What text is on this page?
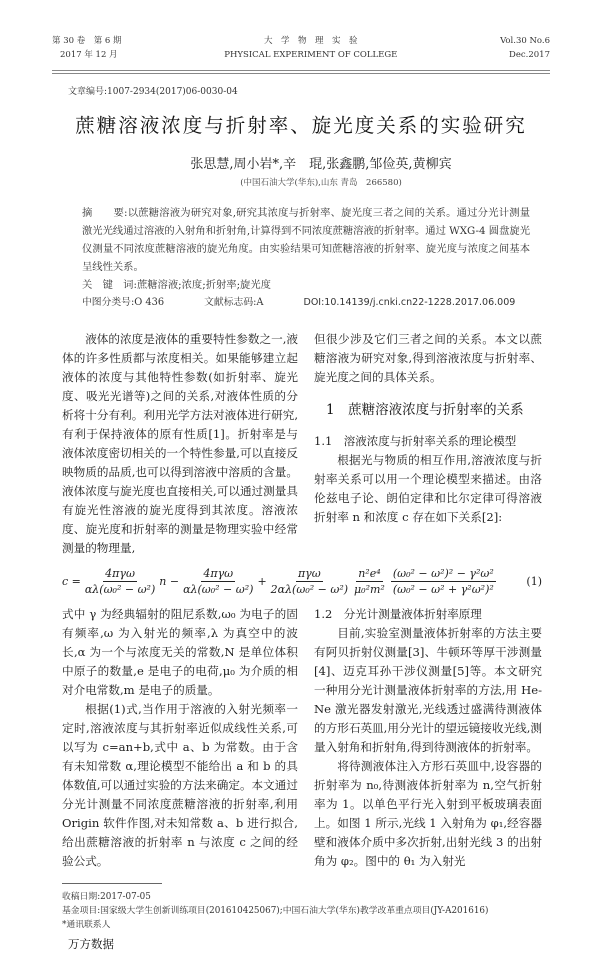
第 30 卷　第 6 期
2017 年 12 月
大　学　物　理　实　验
PHYSICAL EXPERIMENT OF COLLEGE
Vol.30 No.6
Dec.2017
文章编号:1007-2934(2017)06-0030-04
蔗糖溶液浓度与折射率、旋光度关系的实验研究
张思慧,周小岩*,辛　琨,张鑫鹏,邹俭英,黄柳宾
(中国石油大学(华东),山东 青岛　266580)
摘　　要:以蔗糖溶液为研究对象,研究其浓度与折射率、旋光度三者之间的关系。通过分光计测量激光光线通过溶液的入射角和折射角,计算得到不同浓度蔗糖溶液的折射率。通过 WXG-4 圆盘旋光仪测量不同浓度蔗糖溶液的旋光角度。由实验结果可知蔗糖溶液的折射率、旋光度与浓度之间基本呈线性关系。
关　键　词:蔗糖溶液;浓度;折射率;旋光度
中图分类号:O 436	文献标志码:A	DOI:10.14139/j.cnki.cn22-1228.2017.06.009

液体的浓度是液体的重要特性参数之一,液体的许多性质都与浓度相关。如果能够建立起液体的浓度与其他特性参数(如折射率、旋光度、吸光光谱等)之间的关系,对液体性质的分析将十分有利。利用光学方法对液体进行研究,有利于保持液体的原有性质[1]。折射率是与液体浓度密切相关的一个特性参量,可以直接反映物质的品质,也可以得到溶液中溶质的含量。液体浓度与旋光度也直接相关,可以通过测量具有旋光性溶液的旋光度得到其浓度。溶液浓度、旋光度和折射率的测量是物理实验中经常测量的物理量,

但很少涉及它们三者之间的关系。本文以蔗糖溶液为研究对象,得到溶液浓度与折射率、旋光度之间的具体关系。
1　蔗糖溶液浓度与折射率的关系
1.1　溶液浓度与折射率关系的理论模型

根据光与物质的相互作用,溶液浓度与折射率关系可以用一个理论模型来描述。由洛伦兹电子论、朗伯定律和比尔定律可得溶液折射率 n 和浓度 c 存在如下关系[2]:

$c = \frac{\text{4πγω}}{\text{αλ(ω₀² − ω²)}}$ $n - \frac{\text{4πγω}}{\text{αλ(ω₀² − ω²)}} + \frac{\text{πγω}}{\text{2αλ(ω₀² − ω²)}} \frac{\text{n²e⁴}}{\text{μ₀²m²}} \frac{\text{(ω₀² − ω²)² − γ²ω²}}{\text{(ω₀² − ω² + γ²ω²)²}}$	(1)
式中 γ 为经典辐射的阻尼系数,ω₀ 为电子的固有频率,ω 为入射光的频率,λ 为真空中的波长,α 为一个与浓度无关的常数,N 是单位体积中原子的数量,e 是电子的电荷,μ₀ 为介质的相对介电常数,m 是电子的质量。

根据(1)式,当作用于溶液的入射光频率一定时,溶液浓度与其折射率近似成线性关系,可以写为 c=an+b,式中 a、b 为常数。由于含有未知常数 α,理论模型不能给出 a 和 b 的具体数值,可以通过实验的方法来确定。本文通过分光计测量不同浓度蔗糖溶液的折射率,利用 Origin 软件作图,对未知常数 a、b 进行拟合,给出蔗糖溶液的折射率 n 与浓度 c 之间的经验公式。

1.2　分光计测量液体折射率原理

目前,实验室测量液体折射率的方法主要有阿贝折射仪测量[3]、牛顿环等厚干涉测量[4]、迈克耳孙干涉仪测量[5]等。本文研究一种用分光计测量液体折射率的方法,用 He-Ne 激光器发射激光,光线透过盛满待测液体的方形石英皿,用分光计的望远镜接收光线,测量入射角和折射角,得到待测液体的折射率。

将待测液体注入方形石英皿中,设容器的折射率为 n₀,待测液体折射率为 n,空气折射率为 1。以单色平行光入射到平板玻璃表面上。如图 1 所示,光线 1 入射角为 φ₁,经容器壁和液体介质中多次折射,出射光线 3 的出射角为 φ₂。图中的 θ₁ 为入射光

收稿日期:2017-07-05
基金项目:国家级大学生创新训练项目(201610425067);中国石油大学(华东)教学改革重点项目(JY-A201616)
*通讯联系人
万方数据
